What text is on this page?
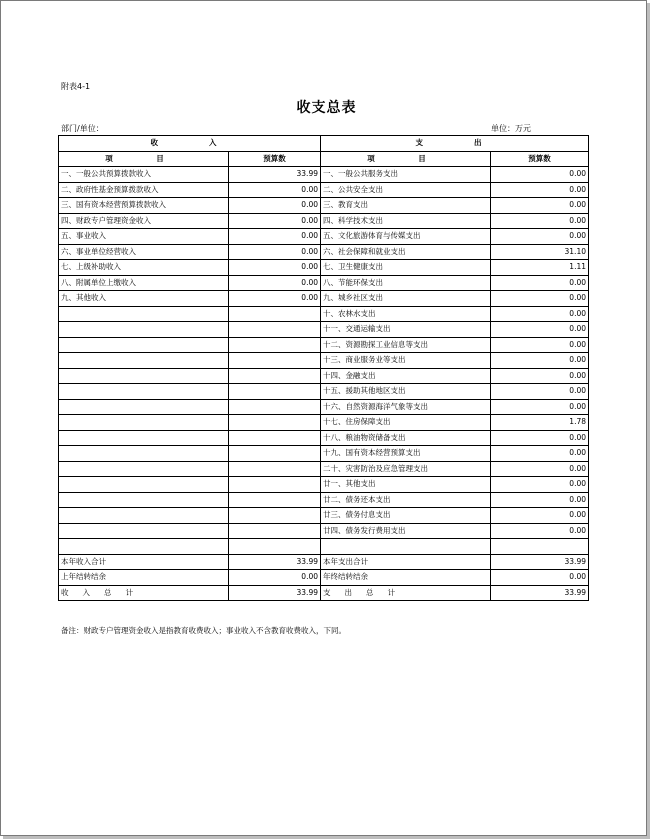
附表4-1
收支总表
部门/单位：	单位：万元
收　　入		支　　出	
项　目	预算数	项　目	预算数
一、一般公共预算拨款收入	33.99	一、一般公共服务支出	0.00
二、政府性基金预算拨款收入	0.00	二、公共安全支出	0.00
三、国有资本经营预算拨款收入	0.00	三、教育支出	0.00
四、财政专户管理资金收入	0.00	四、科学技术支出	0.00
五、事业收入	0.00	五、文化旅游体育与传媒支出	0.00
六、事业单位经营收入	0.00	六、社会保障和就业支出	31.10
七、上级补助收入	0.00	七、卫生健康支出	1.11
八、附属单位上缴收入	0.00	八、节能环保支出	0.00
九、其他收入	0.00	九、城乡社区支出	0.00
		十、农林水支出	0.00
		十一、交通运输支出	0.00
		十二、资源勘探工业信息等支出	0.00
		十三、商业服务业等支出	0.00
		十四、金融支出	0.00
		十五、援助其他地区支出	0.00
		十六、自然资源海洋气象等支出	0.00
		十七、住房保障支出	1.78
		十八、粮油物资储备支出	0.00
		十九、国有资本经营预算支出	0.00
		二十、灾害防治及应急管理支出	0.00
		廿一、其他支出	0.00
		廿二、债务还本支出	0.00
		廿三、债务付息支出	0.00
		廿四、债务发行费用支出	0.00

本年收入合计	33.99	本年支出合计	33.99
上年结转结余	0.00	年终结转结余	0.00
收入总计	33.99	支出总计	33.99
备注：财政专户管理资金收入是指教育收费收入；事业收入不含教育收费收入，下同。
